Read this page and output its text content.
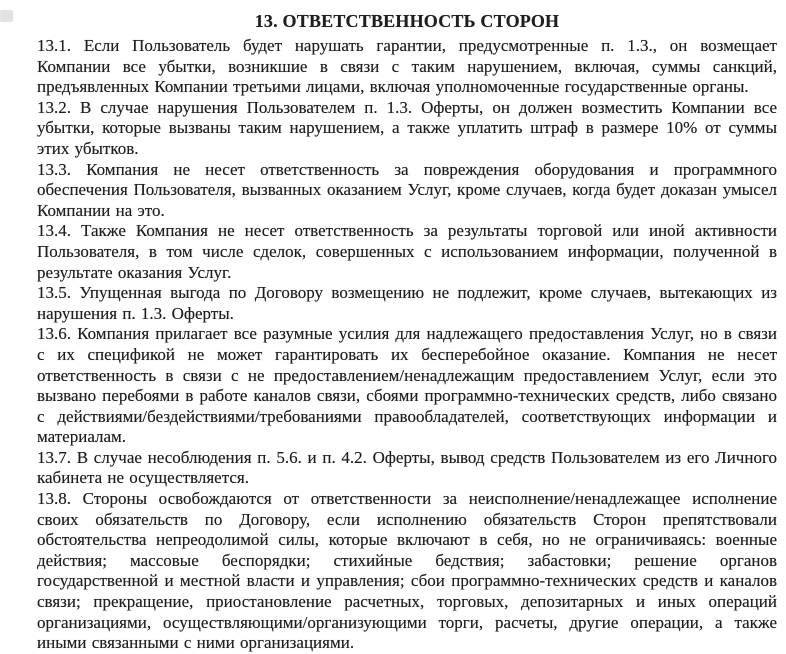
13. ОТВЕТСТВЕННОСТЬ СТОРОН

13.1. Если Пользователь будет нарушать гарантии, предусмотренные п. 1.3., он возмещает Компании все убытки, возникшие в связи с таким нарушением, включая, суммы санкций, предъявленных Компании третьими лицами, включая уполномоченные государственные органы.

13.2. В случае нарушения Пользователем п. 1.3. Оферты, он должен возместить Компании все убытки, которые вызваны таким нарушением, а также уплатить штраф в размере 10% от суммы этих убытков.

13.3. Компания не несет ответственность за повреждения оборудования и программного обеспечения Пользователя, вызванных оказанием Услуг, кроме случаев, когда будет доказан умысел Компании на это.

13.4. Также Компания не несет ответственность за результаты торговой или иной активности Пользователя, в том числе сделок, совершенных с использованием информации, полученной в результате оказания Услуг.

13.5. Упущенная выгода по Договору возмещению не подлежит, кроме случаев, вытекающих из нарушения п. 1.3. Оферты.

13.6. Компания прилагает все разумные усилия для надлежащего предоставления Услуг, но в связи с их спецификой не может гарантировать их бесперебойное оказание. Компания не несет ответственность в связи с не предоставлением/ненадлежащим предоставлением Услуг, если это вызвано перебоями в работе каналов связи, сбоями программно-технических средств, либо связано с действиями/бездействиями/требованиями правообладателей, соответствующих информации и материалам.

13.7. В случае несоблюдения п. 5.6. и п. 4.2. Оферты, вывод средств Пользователем из его Личного кабинета не осуществляется.

13.8. Стороны освобождаются от ответственности за неисполнение/ненадлежащее исполнение своих обязательств по Договору, если исполнению обязательств Сторон препятствовали обстоятельства непреодолимой силы, которые включают в себя, но не ограничиваясь: военные действия; массовые беспорядки; стихийные бедствия; забастовки; решение органов государственной и местной власти и управления; сбои программно-технических средств и каналов связи; прекращение, приостановление расчетных, торговых, депозитарных и иных операций организациями, осуществляющими/организующими торги, расчеты, другие операции, а также иными связанными с ними организациями.
